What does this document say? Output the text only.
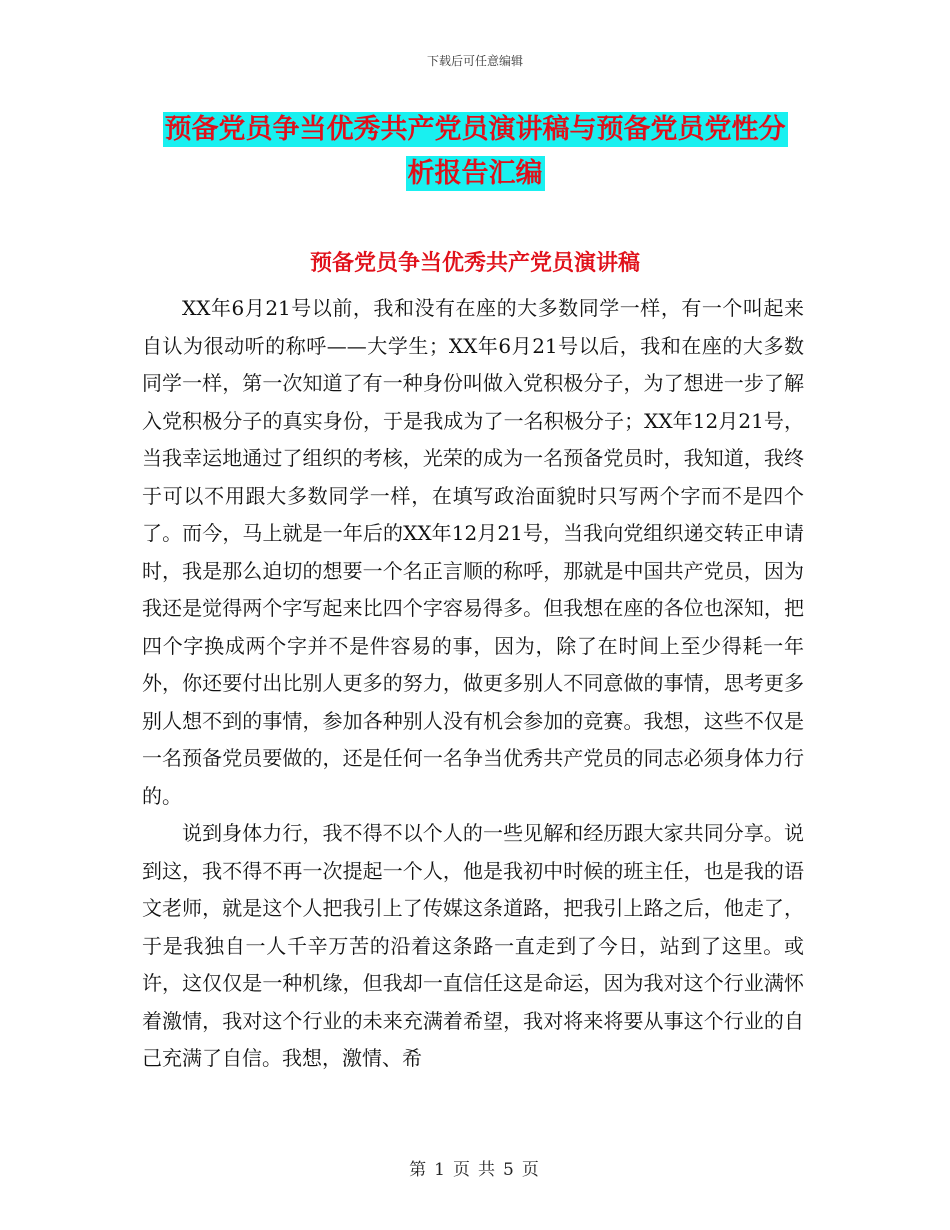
下载后可任意编辑
预备党员争当优秀共产党员演讲稿与预备党员党性分
析报告汇编
预备党员争当优秀共产党员演讲稿

XX年6月21号以前，我和没有在座的大多数同学一样，有一个叫起来自认为很动听的称呼——大学生；XX年6月21号以后，我和在座的大多数同学一样，第一次知道了有一种身份叫做入党积极分子，为了想进一步了解入党积极分子的真实身份，于是我成为了一名积极分子；XX年12月21号，当我幸运地通过了组织的考核，光荣的成为一名预备党员时，我知道，我终于可以不用跟大多数同学一样，在填写政治面貌时只写两个字而不是四个了。而今，马上就是一年后的XX年12月21号，当我向党组织递交转正申请时，我是那么迫切的想要一个名正言顺的称呼，那就是中国共产党员，因为我还是觉得两个字写起来比四个字容易得多。但我想在座的各位也深知，把四个字换成两个字并不是件容易的事，因为，除了在时间上至少得耗一年外，你还要付出比别人更多的努力，做更多别人不同意做的事情，思考更多别人想不到的事情，参加各种别人没有机会参加的竞赛。我想，这些不仅是一名预备党员要做的，还是任何一名争当优秀共产党员的同志必须身体力行的。

说到身体力行，我不得不以个人的一些见解和经历跟大家共同分享。说到这，我不得不再一次提起一个人，他是我初中时候的班主任，也是我的语 文老师，就是这个人把我引上了传媒这条道路，把我引上路之后，他走了，于是我独自一人千辛万苦的沿着这条路一直走到了今日，站到了这里。或许，这仅仅是一种机缘，但我却一直信任这是命运，因为我对这个行业满怀着激情，我对这个行业的未来充满着希望，我对将来将要从事这个行业的自己充满了自信。我想，激情、希

第 1 页 共 5 页
